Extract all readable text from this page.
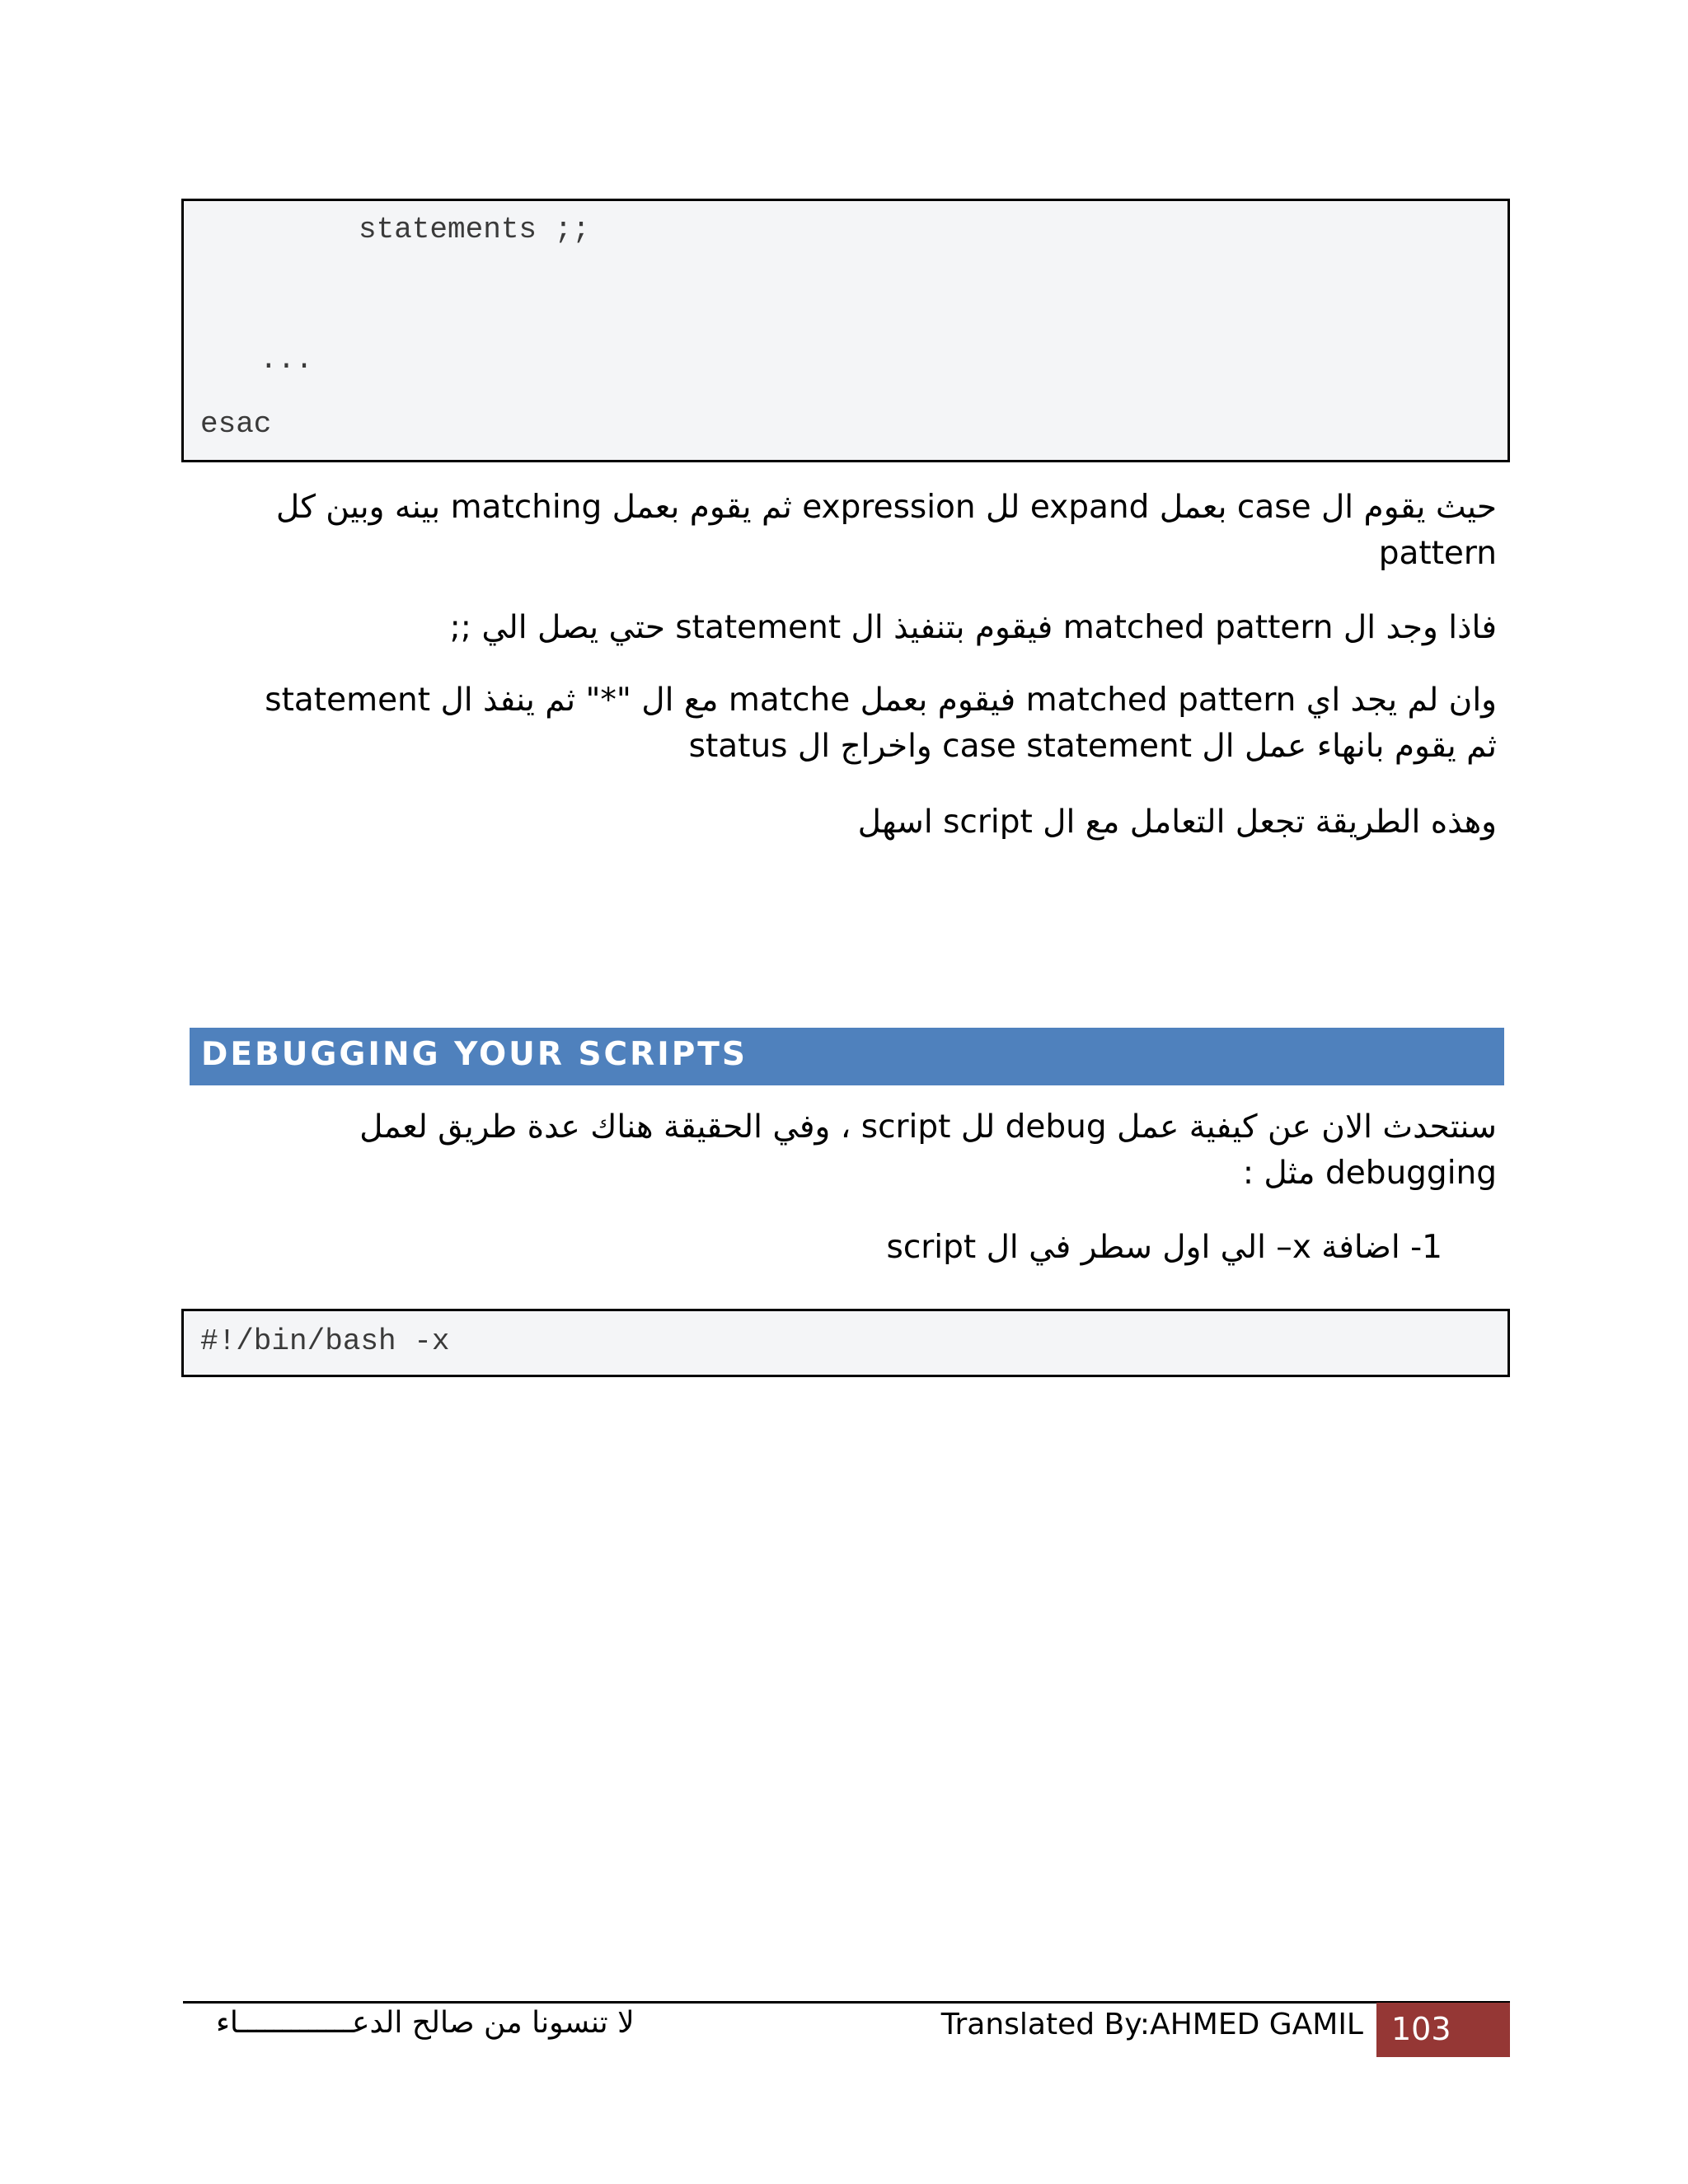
statements ;;
...
esac
حيث يقوم ال case بعمل expand لل expression ثم يقوم بعمل matching بينه وبين كل
pattern
فاذا وجد ال matched pattern فيقوم بتنفيذ ال statement حتي يصل الي ;;
وان لم يجد اي matched pattern فيقوم بعمل matche مع ال "*" ثم ينفذ ال statement
ثم يقوم بانهاء عمل ال case statement واخراج ال status
وهذه الطريقة تجعل التعامل مع ال script اسهل
DEBUGGING YOUR SCRIPTS
سنتحدث الان عن كيفية عمل debug لل script ، وفي الحقيقة هناك عدة طريق لعمل
debugging مثل :
1- اضافة x– الي اول سطر في ال script
#!/bin/bash -x
لا تنسونا من صالح الدعـــــــــــــاء	Translated By:AHMED GAMIL 103
